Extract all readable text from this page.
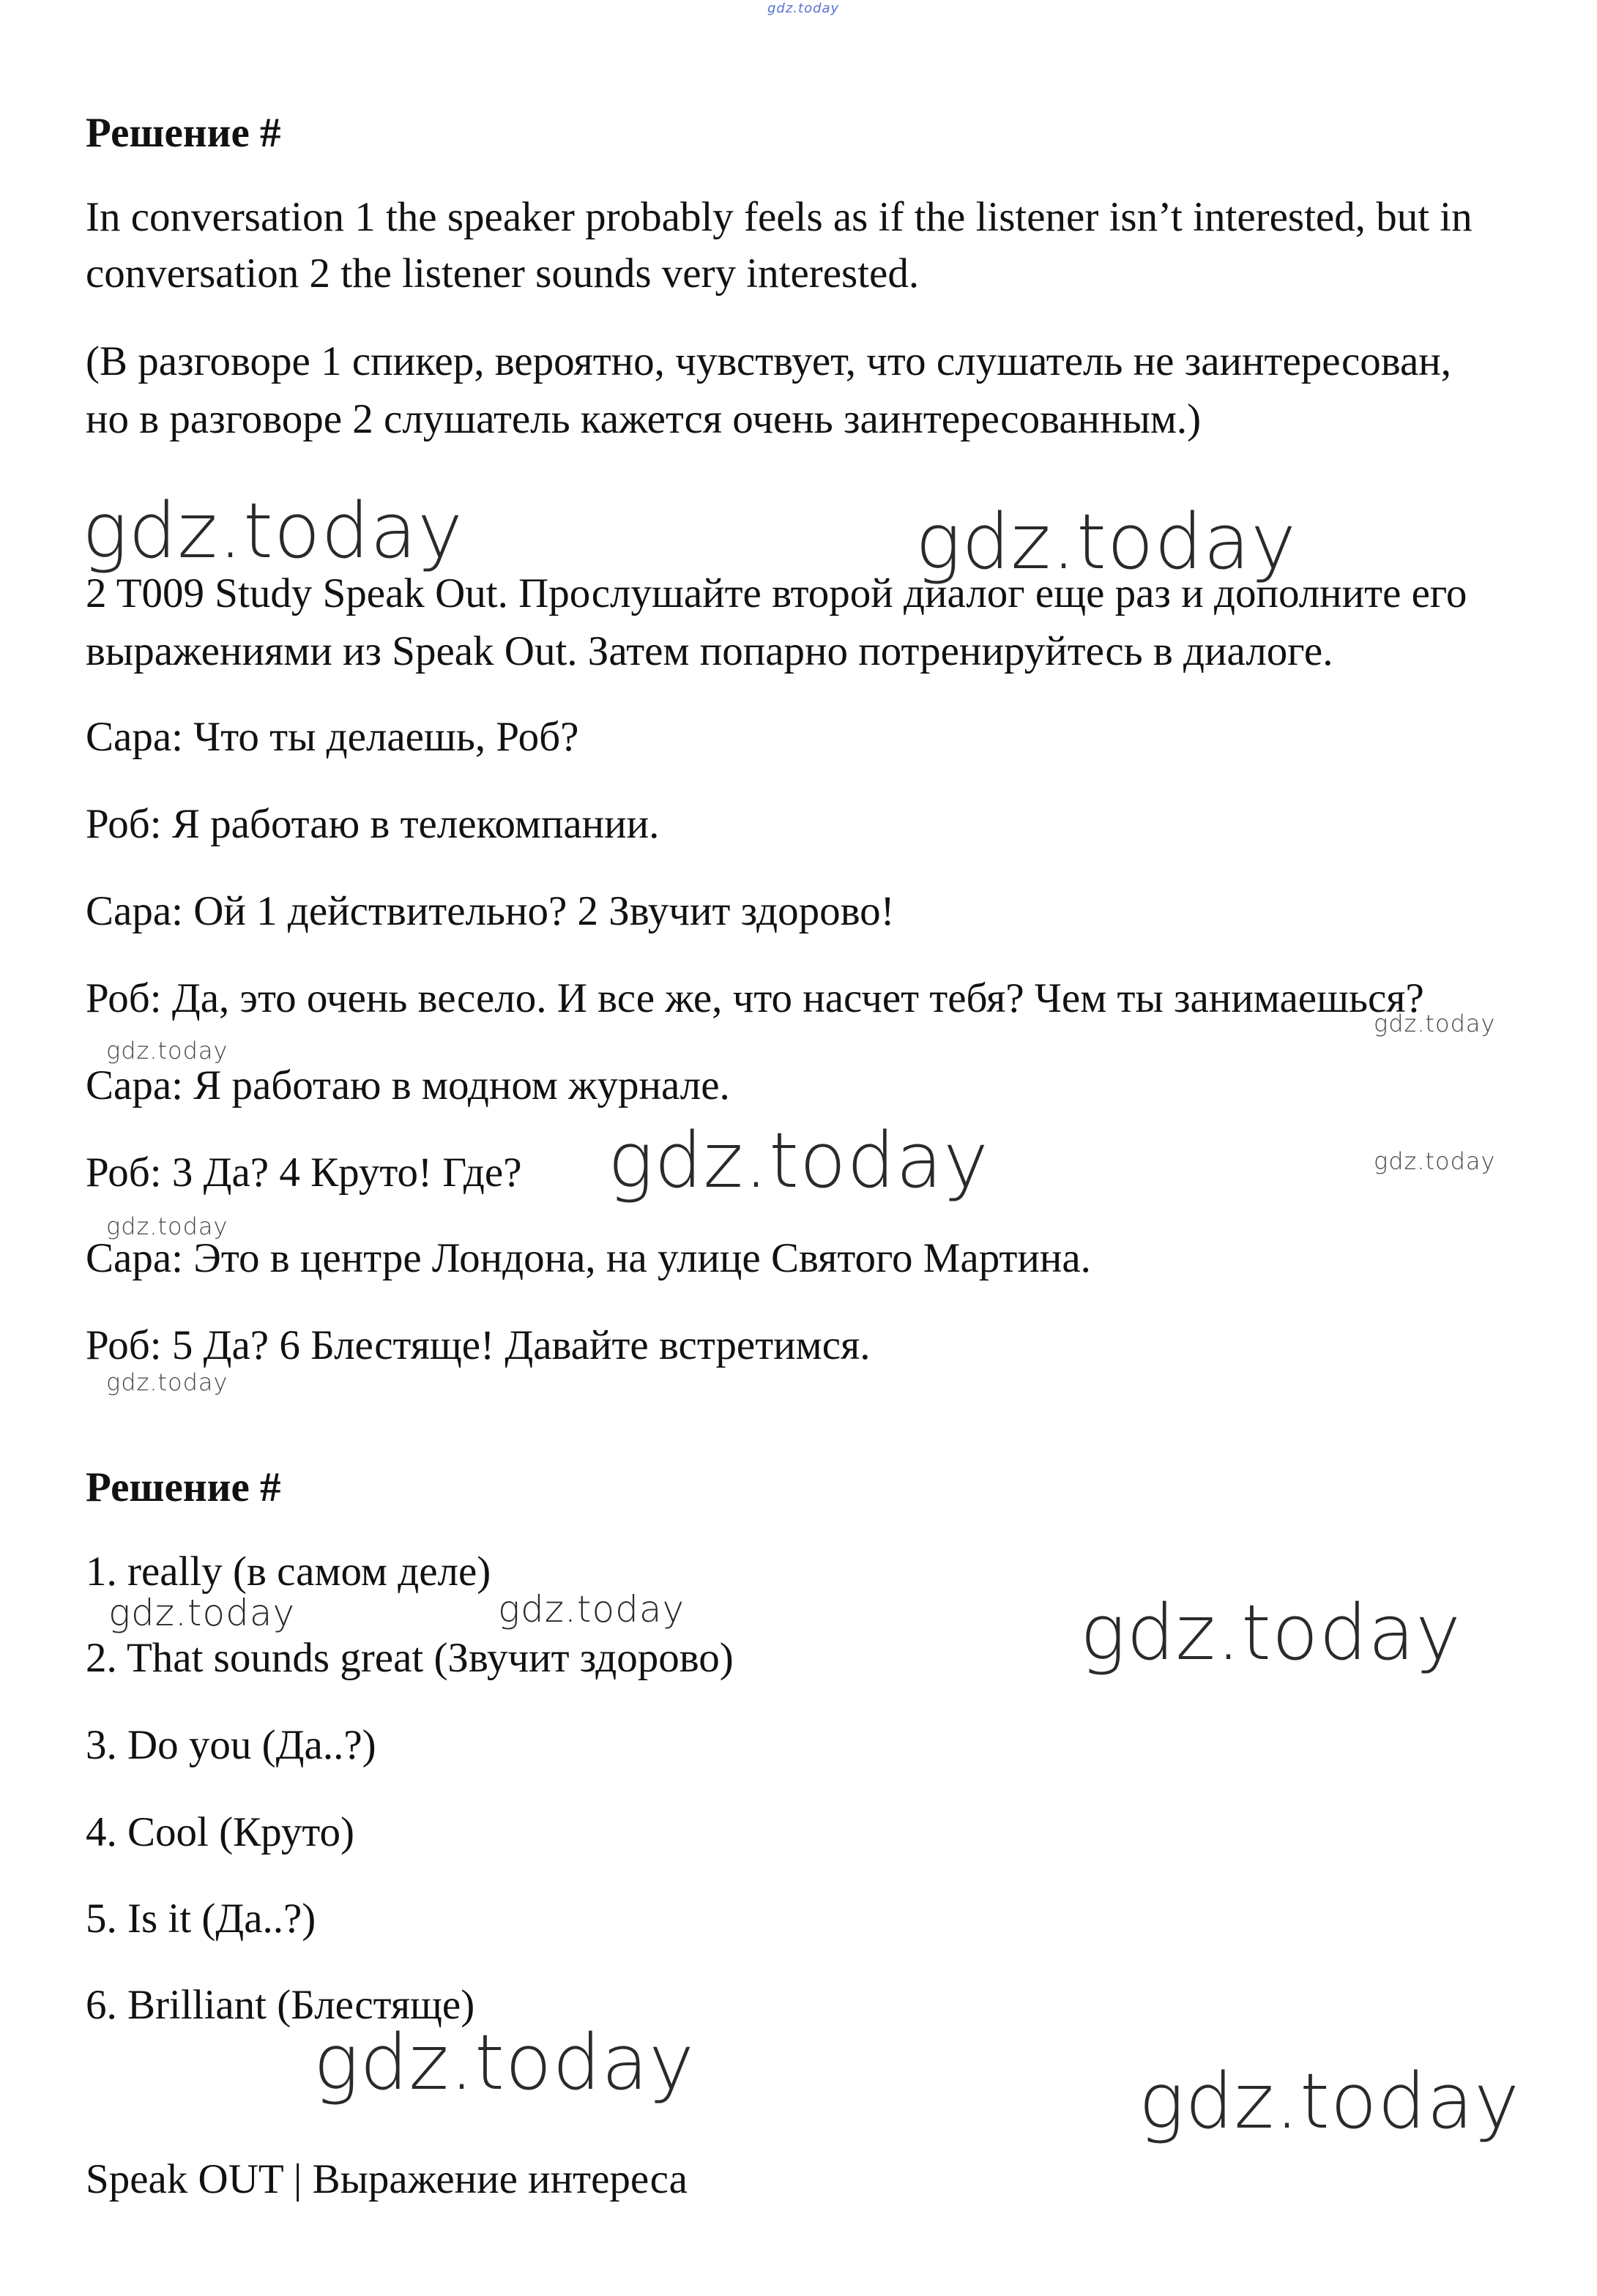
gdz.today
Решение #
In conversation 1 the speaker probably feels as if the listener isn’t interested, but in
conversation 2 the listener sounds very interested.
(В разговоре 1 спикер, вероятно, чувствует, что слушатель не заинтересован,
но в разговоре 2 слушатель кажется очень заинтересованным.)
gdz.today	gdz.today
2 T009 Study Speak Out. Прослушайте второй диалог еще раз и дополните его
выражениями из Speak Out. Затем попарно потренируйтесь в диалоге.
Сара: Что ты делаешь, Роб?
Роб: Я работаю в телекомпании.
Сара: Ой 1 действительно? 2 Звучит здорово!
Роб: Да, это очень весело. И все же, что насчет тебя? Чем ты занимаешься?
gdz.today
gdz.today
Сара: Я работаю в модном журнале.
Роб: 3 Да? 4 Круто! Где? gdz.today	gdz.today
gdz.today
Сара: Это в центре Лондона, на улице Святого Мартина.
Роб: 5 Да? 6 Блестяще! Давайте встретимся.
gdz.today
Решение #
1. really (в самом деле)
gdz.today	gdz.today	gdz.today
2. That sounds great (Звучит здорово)
3. Do you (Да..?)
4. Cool (Круто)
5. Is it (Да..?)
6. Brilliant (Блестяще)
gdz.today	gdz.today
Speak OUT | Выражение интереса
